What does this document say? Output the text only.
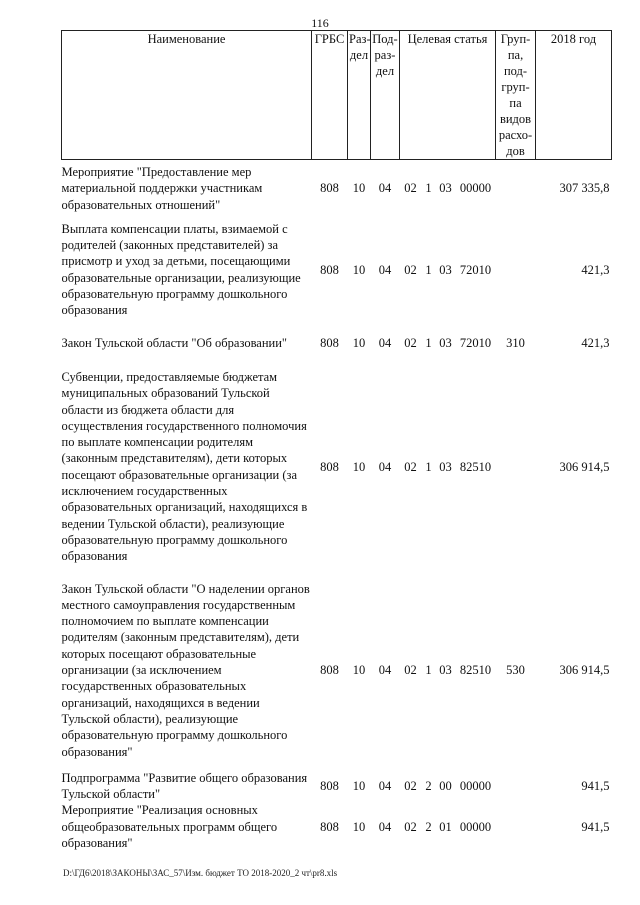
116
Наименование	ГРБС	Раз-дел	Под-раз-дел	Целевая статья				Груп-па, под-груп-па видов расхо-дов	2018 год

Мероприятие "Предоставление мер материальной поддержки участникам образовательных отношений"	808	10	04	02	1	03	00000		307 335,8

Выплата компенсации платы, взимаемой с родителей (законных представителей) за присмотр и уход за детьми, посещающими образовательные организации, реализующие образовательную программу дошкольного образования	808	10	04	02	1	03	72010		421,3

Закон Тульской области "Об образовании"	808	10	04	02	1	03	72010	310	421,3

Субвенции, предоставляемые бюджетам муниципальных образований Тульской области из бюджета области для осуществления государственного полномочия по выплате компенсации родителям (законным представителям), дети которых посещают образовательные организации (за исключением государственных образовательных организаций, находящихся в ведении Тульской области), реализующие образовательную программу дошкольного образования	808	10	04	02	1	03	82510		306 914,5

Закон Тульской области "О наделении органов местного самоуправления государственным полномочием по выплате компенсации родителям (законным представителям), дети которых посещают образовательные организации (за исключением государственных образовательных организаций, находящихся в ведении Тульской области), реализующие образовательную программу дошкольного образования"	808	10	04	02	1	03	82510	530	306 914,5

Подпрограмма "Развитие общего образования Тульской области"	808	10	04	02	2	00	00000		941,5
Мероприятие "Реализация основных общеобразовательных программ общего образования"	808	10	04	02	2	01	00000		941,5
D:\ГД6\2018\ЗАКОНЫ\ЗАС_57\Изм. бюджет ТО 2018-2020_2 чт\pr8.xls
